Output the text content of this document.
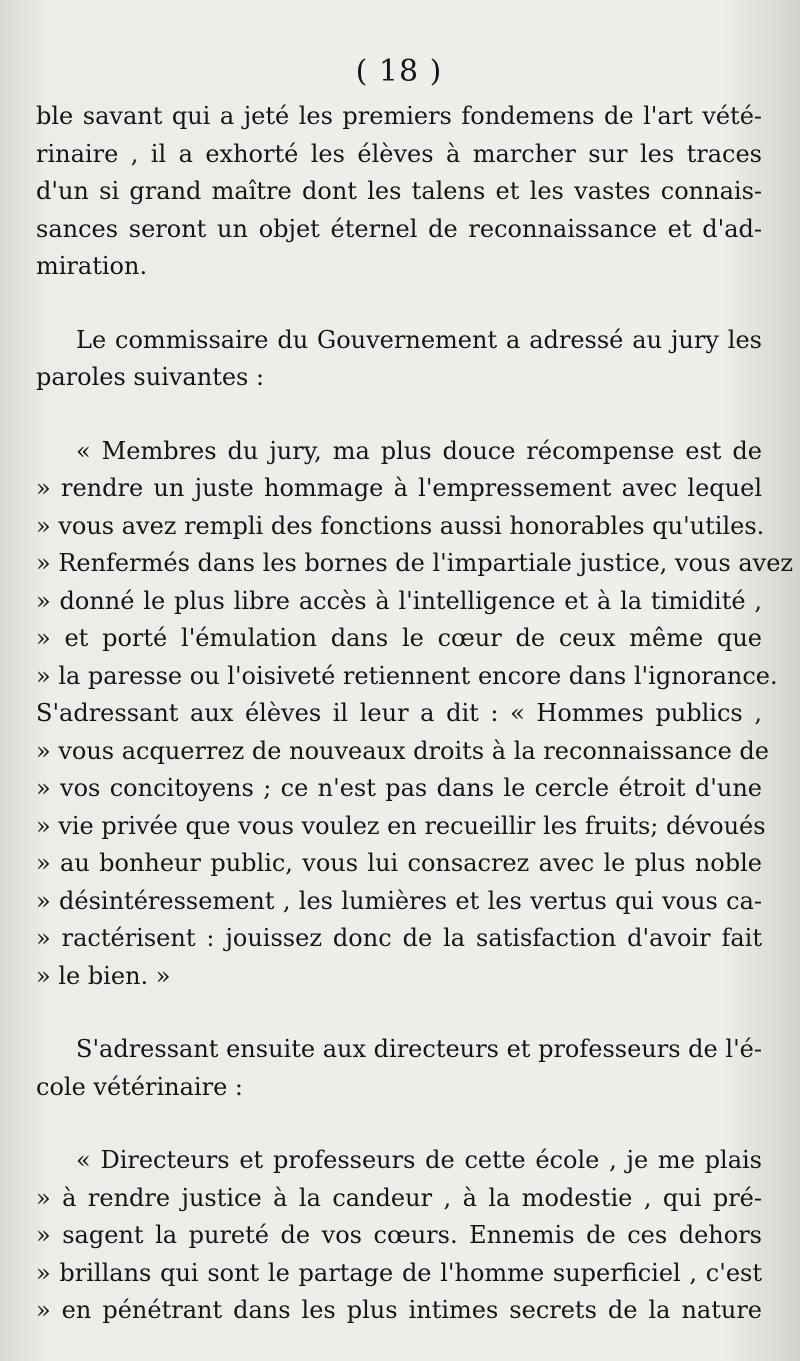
( 18 )
ble savant qui a jeté les premiers fondemens de l'art vété-
rinaire , il a exhorté les élèves à marcher sur les traces
d'un si grand maître dont les talens et les vastes connais-
sances seront un objet éternel de reconnaissance et d'ad-
miration.
Le commissaire du Gouvernement a adressé au jury les
paroles suivantes :
« Membres du jury, ma plus douce récompense est de
» rendre un juste hommage à l'empressement avec lequel
» vous avez rempli des fonctions aussi honorables qu'utiles.
» Renfermés dans les bornes de l'impartiale justice, vous avez
» donné le plus libre accès à l'intelligence et à la timidité ,
» et porté l'émulation dans le cœur de ceux même que
» la paresse ou l'oisiveté retiennent encore dans l'ignorance.
S'adressant aux élèves il leur a dit : « Hommes publics ,
» vous acquerrez de nouveaux droits à la reconnaissance de
» vos concitoyens ; ce n'est pas dans le cercle étroit d'une
» vie privée que vous voulez en recueillir les fruits; dévoués
» au bonheur public, vous lui consacrez avec le plus noble
» désintéressement , les lumières et les vertus qui vous ca-
» ractérisent : jouissez donc de la satisfaction d'avoir fait
» le bien. »
S'adressant ensuite aux directeurs et professeurs de l'é-
cole vétérinaire :
« Directeurs et professeurs de cette école , je me plais
» à rendre justice à la candeur , à la modestie , qui pré-
» sagent la pureté de vos cœurs. Ennemis de ces dehors
» brillans qui sont le partage de l'homme superficiel , c'est
» en pénétrant dans les plus intimes secrets de la nature
